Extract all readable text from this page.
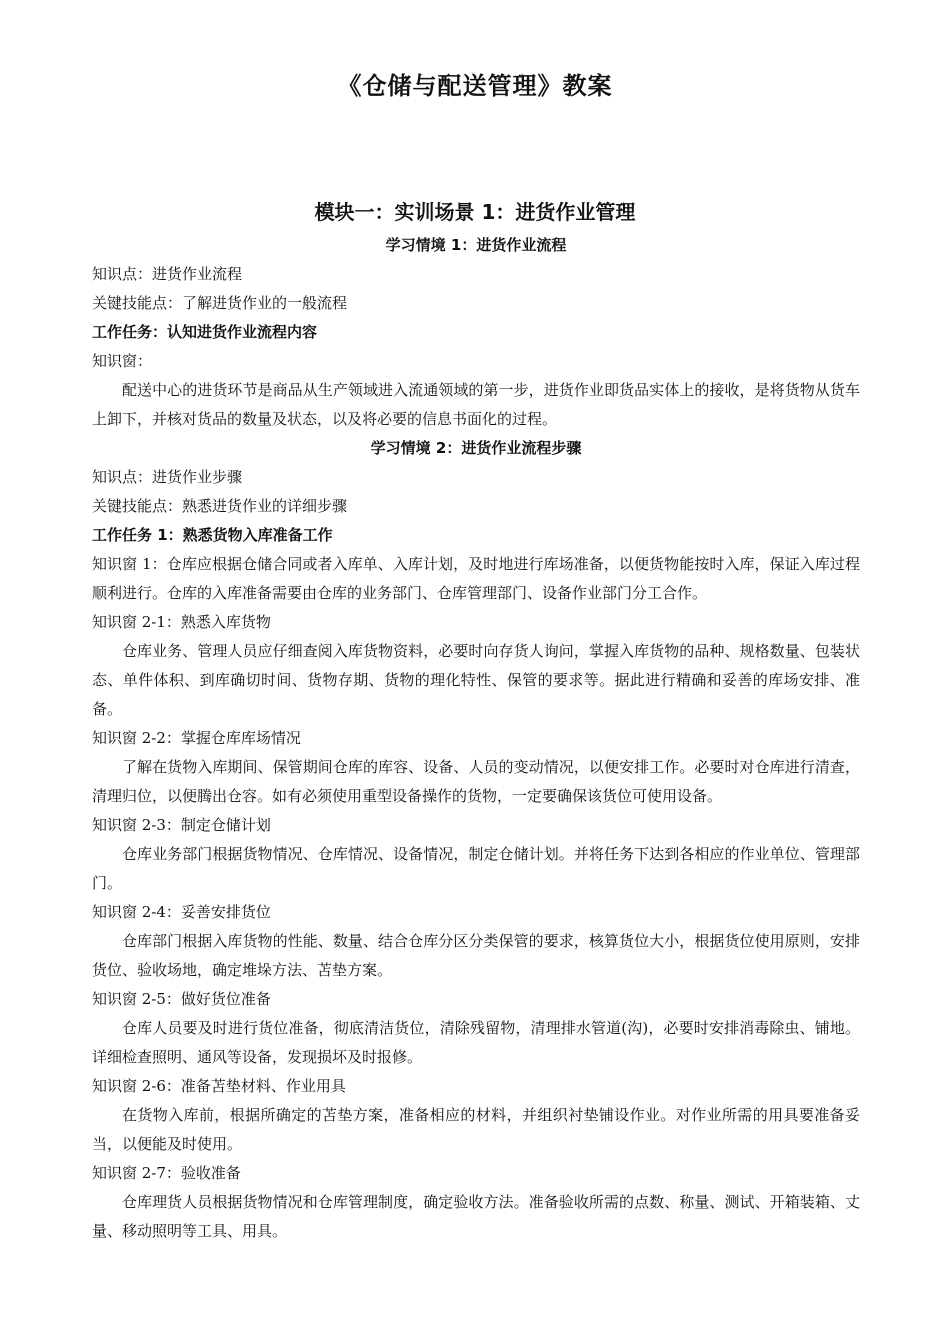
《仓储与配送管理》教案
模块一：实训场景 1：进货作业管理

学习情境 1：进货作业流程

知识点：进货作业流程

关键技能点：了解进货作业的一般流程

工作任务：认知进货作业流程内容

知识窗：

配送中心的进货环节是商品从生产领域进入流通领域的第一步，进货作业即货品实体上的接收，是将货物从货车上卸下，并核对货品的数量及状态，以及将必要的信息书面化的过程。

学习情境 2：进货作业流程步骤

知识点：进货作业步骤

关键技能点：熟悉进货作业的详细步骤

工作任务 1：熟悉货物入库准备工作

知识窗 1：仓库应根据仓储合同或者入库单、入库计划，及时地进行库场准备，以便货物能按时入库，保证入库过程顺利进行。仓库的入库准备需要由仓库的业务部门、仓库管理部门、设备作业部门分工合作。

知识窗 2-1：熟悉入库货物

仓库业务、管理人员应仔细查阅入库货物资料，必要时向存货人询问，掌握入库货物的品种、规格数量、包装状态、单件体积、到库确切时间、货物存期、货物的理化特性、保管的要求等。据此进行精确和妥善的库场安排、准备。

知识窗 2-2：掌握仓库库场情况

了解在货物入库期间、保管期间仓库的库容、设备、人员的变动情况，以便安排工作。必要时对仓库进行清查，清理归位，以便腾出仓容。如有必须使用重型设备操作的货物，一定要确保该货位可使用设备。

知识窗 2-3：制定仓储计划

仓库业务部门根据货物情况、仓库情况、设备情况，制定仓储计划。并将任务下达到各相应的作业单位、管理部门。

知识窗 2-4：妥善安排货位

仓库部门根据入库货物的性能、数量、结合仓库分区分类保管的要求，核算货位大小，根据货位使用原则，安排货位、验收场地，确定堆垛方法、苫垫方案。

知识窗 2-5：做好货位准备

仓库人员要及时进行货位准备，彻底清洁货位，清除残留物，清理排水管道(沟)，必要时安排消毒除虫、铺地。详细检查照明、通风等设备，发现损坏及时报修。

知识窗 2-6：准备苫垫材料、作业用具

在货物入库前，根据所确定的苫垫方案，准备相应的材料，并组织衬垫铺设作业。对作业所需的用具要准备妥当，以便能及时使用。

知识窗 2-7：验收准备

仓库理货人员根据货物情况和仓库管理制度，确定验收方法。准备验收所需的点数、称量、测试、开箱装箱、丈量、移动照明等工具、用具。
